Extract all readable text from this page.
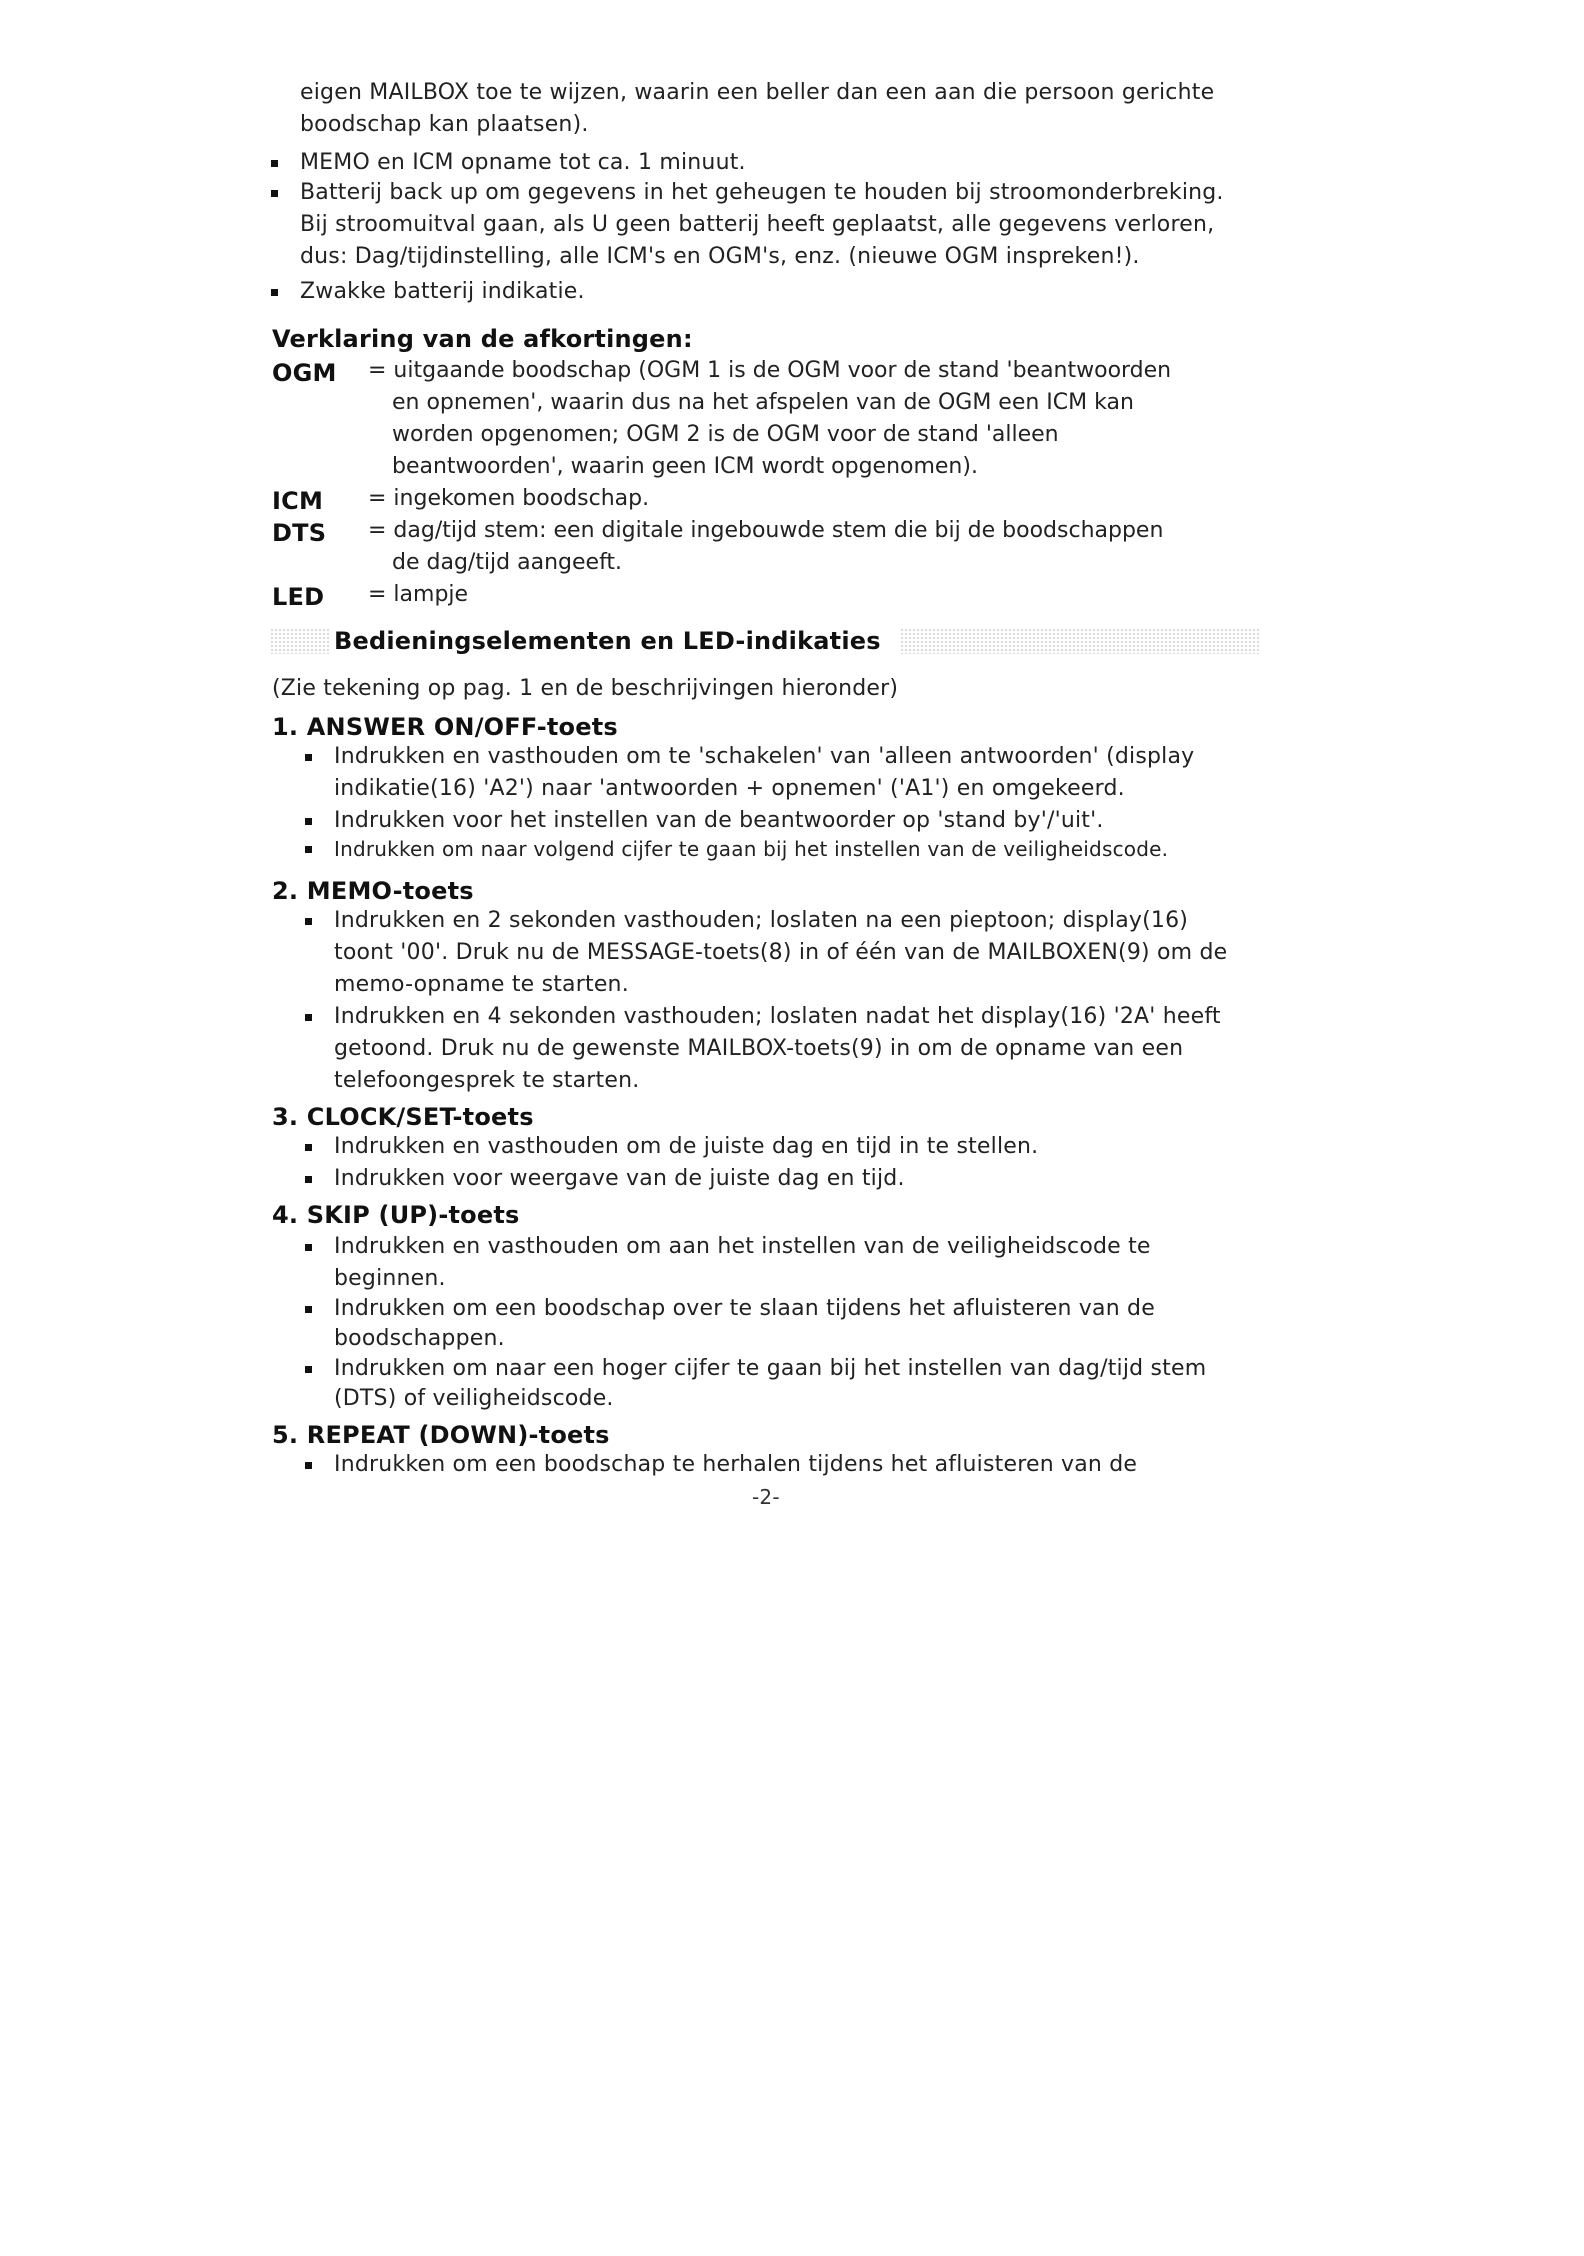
eigen MAILBOX toe te wijzen, waarin een beller dan een aan die persoon gerichte
boodschap kan plaatsen).
MEMO en ICM opname tot ca. 1 minuut.
Batterij back up om gegevens in het geheugen te houden bij stroomonderbreking.
Bij stroomuitval gaan, als U geen batterij heeft geplaatst, alle gegevens verloren,
dus: Dag/tijdinstelling, alle ICM's en OGM's, enz. (nieuwe OGM inspreken!).
Zwakke batterij indikatie.
Verklaring van de afkortingen:
OGM = uitgaande boodschap (OGM 1 is de OGM voor de stand 'beantwoorden
en opnemen', waarin dus na het afspelen van de OGM een ICM kan
worden opgenomen; OGM 2 is de OGM voor de stand 'alleen
beantwoorden', waarin geen ICM wordt opgenomen).
ICM = ingekomen boodschap.
DTS = dag/tijd stem: een digitale ingebouwde stem die bij de boodschappen
de dag/tijd aangeeft.
LED = lampje
Bedieningselementen en LED-indikaties
(Zie tekening op pag. 1 en de beschrijvingen hieronder)
1. ANSWER ON/OFF-toets
Indrukken en vasthouden om te 'schakelen' van 'alleen antwoorden' (display
indikatie(16) 'A2') naar 'antwoorden + opnemen' ('A1') en omgekeerd.
Indrukken voor het instellen van de beantwoorder op 'stand by'/'uit'.
Indrukken om naar volgend cijfer te gaan bij het instellen van de veiligheidscode.
2. MEMO-toets
Indrukken en 2 sekonden vasthouden; loslaten na een pieptoon; display(16)
toont '00'. Druk nu de MESSAGE-toets(8) in of één van de MAILBOXEN(9) om de
memo-opname te starten.
Indrukken en 4 sekonden vasthouden; loslaten nadat het display(16) '2A' heeft
getoond. Druk nu de gewenste MAILBOX-toets(9) in om de opname van een
telefoongesprek te starten.
3. CLOCK/SET-toets
Indrukken en vasthouden om de juiste dag en tijd in te stellen.
Indrukken voor weergave van de juiste dag en tijd.
4. SKIP (UP)-toets
Indrukken en vasthouden om aan het instellen van de veiligheidscode te
beginnen.
Indrukken om een boodschap over te slaan tijdens het afluisteren van de
boodschappen.
Indrukken om naar een hoger cijfer te gaan bij het instellen van dag/tijd stem
(DTS) of veiligheidscode.
5. REPEAT (DOWN)-toets
Indrukken om een boodschap te herhalen tijdens het afluisteren van de
-2-
